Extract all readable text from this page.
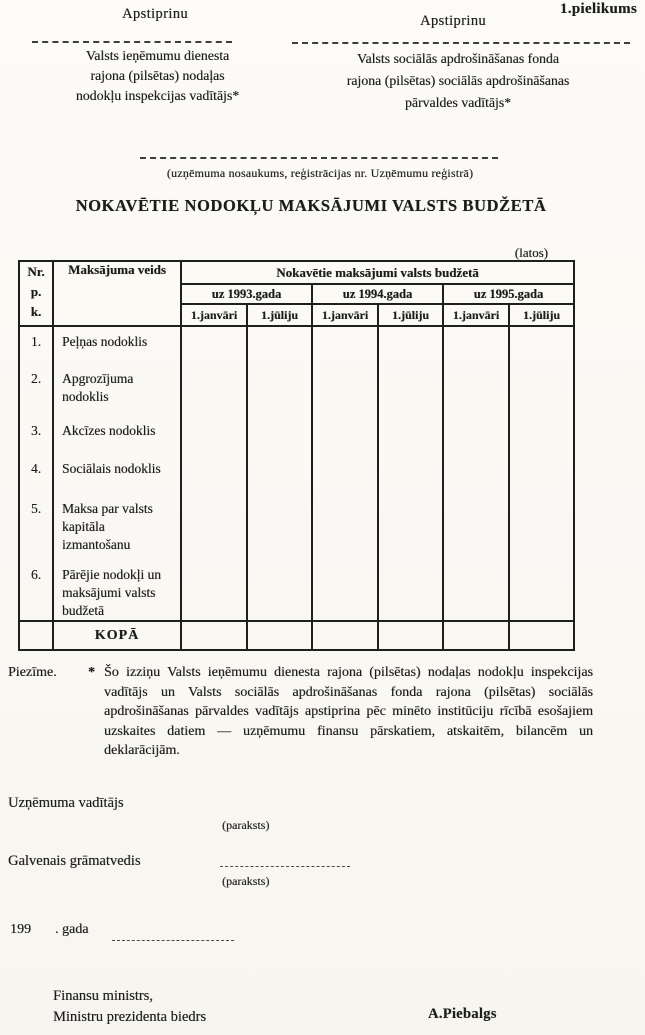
Apstiprinu	Apstiprinu
1.pielikums
Valsts ieņēmumu dienesta
rajona (pilsētas) nodaļas
nodokļu inspekcijas vadītājs*
Valsts sociālās apdrošināšanas fonda
rajona (pilsētas) sociālās apdrošināšanas
pārvaldes vadītājs*
(uzņēmuma nosaukums, reģistrācijas nr. Uzņēmumu reģistrā)
NOKAVĒTIE NODOKĻU MAKSĀJUMI VALSTS BUDŽETĀ
(latos)
Nr.
p.
k.	Maksājuma veids	Nokavētie maksājumi valsts budžetā					
		uz 1993.gada		uz 1994.gada		uz 1995.gada	
		1.janvāri	1.jūliju	1.janvāri	1.jūliju	1.janvāri	1.jūliju
1.	Peļņas nodoklis						
2.	Apgrozījuma nodoklis						
3.	Akcīzes nodoklis						
4.	Sociālais nodoklis						
5.	Maksa par valsts kapitāla izmantošanu						
6.	Pārējie nodokļi un maksājumi valsts budžetā						
	KOPĀ						
Piezīme.	* Šo izziņu Valsts ieņēmumu dienesta rajona (pilsētas) nodaļas nodokļu inspekcijas vadītājs un Valsts sociālās apdrošināšanas fonda rajona (pilsētas) sociālās apdrošināšanas pārvaldes vadītājs apstiprina pēc minēto institūciju rīcībā esošajiem uzskaites datiem — uzņēmumu finansu pārskatiem, atskaitēm, bilancēm un deklarācijām.
Uzņēmuma vadītājs
(paraksts)
Galvenais grāmatvedis
(paraksts)
199 . gada
Finansu ministrs,
Ministru prezidenta biedrs	A.Piebalgs
